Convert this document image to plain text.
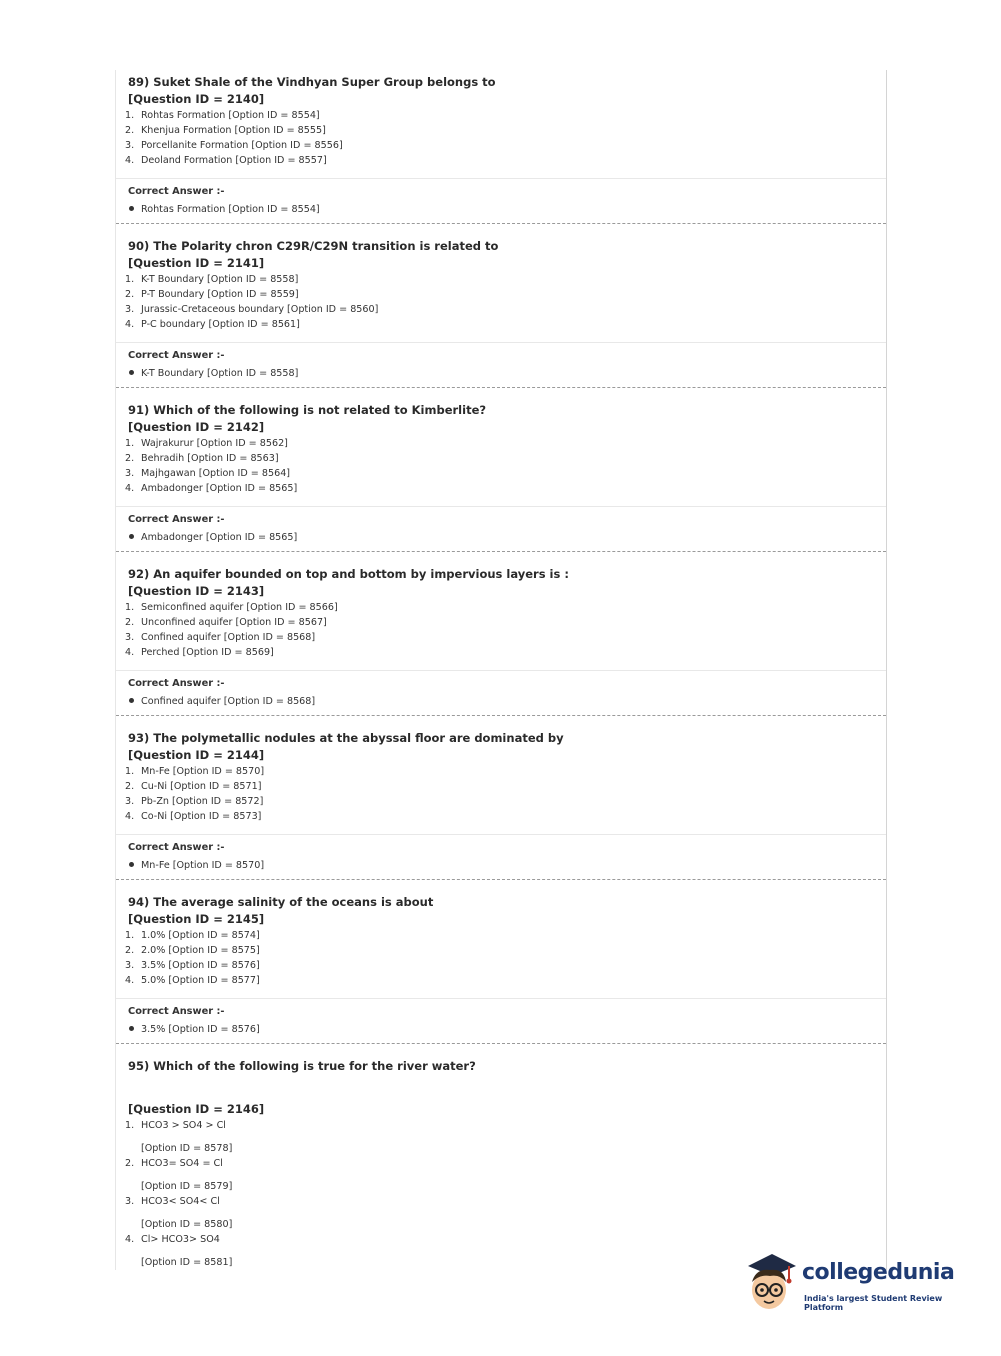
89) Suket Shale of the Vindhyan Super Group belongs to
[Question ID = 2140]
1. Rohtas Formation [Option ID = 8554]
2. Khenjua Formation [Option ID = 8555]
3. Porcellanite Formation [Option ID = 8556]
4. Deoland Formation [Option ID = 8557]
Correct Answer :-
Rohtas Formation [Option ID = 8554]
90) The Polarity chron C29R/C29N transition is related to
[Question ID = 2141]
1. K-T Boundary [Option ID = 8558]
2. P-T Boundary [Option ID = 8559]
3. Jurassic-Cretaceous boundary [Option ID = 8560]
4. P-C boundary [Option ID = 8561]
Correct Answer :-
K-T Boundary [Option ID = 8558]
91) Which of the following is not related to Kimberlite?
[Question ID = 2142]
1. Wajrakurur [Option ID = 8562]
2. Behradih [Option ID = 8563]
3. Majhgawan [Option ID = 8564]
4. Ambadonger [Option ID = 8565]
Correct Answer :-
Ambadonger [Option ID = 8565]
92) An aquifer bounded on top and bottom by impervious layers is :
[Question ID = 2143]
1. Semiconfined aquifer [Option ID = 8566]
2. Unconfined aquifer [Option ID = 8567]
3. Confined aquifer [Option ID = 8568]
4. Perched [Option ID = 8569]
Correct Answer :-
Confined aquifer [Option ID = 8568]
93) The polymetallic nodules at the abyssal floor are dominated by
[Question ID = 2144]
1. Mn-Fe [Option ID = 8570]
2. Cu-Ni [Option ID = 8571]
3. Pb-Zn [Option ID = 8572]
4. Co-Ni [Option ID = 8573]
Correct Answer :-
Mn-Fe [Option ID = 8570]
94) The average salinity of the oceans is about
[Question ID = 2145]
1. 1.0% [Option ID = 8574]
2. 2.0% [Option ID = 8575]
3. 3.5% [Option ID = 8576]
4. 5.0% [Option ID = 8577]
Correct Answer :-
3.5% [Option ID = 8576]
95) Which of the following is true for the river water?
[Question ID = 2146]
1. HCO3 > SO4 > Cl
[Option ID = 8578]
2. HCO3= SO4 = Cl
[Option ID = 8579]
3. HCO3< SO4< Cl
[Option ID = 8580]
4. Cl> HCO3> SO4
[Option ID = 8581]	collegedunia
India's largest Student Review Platform
